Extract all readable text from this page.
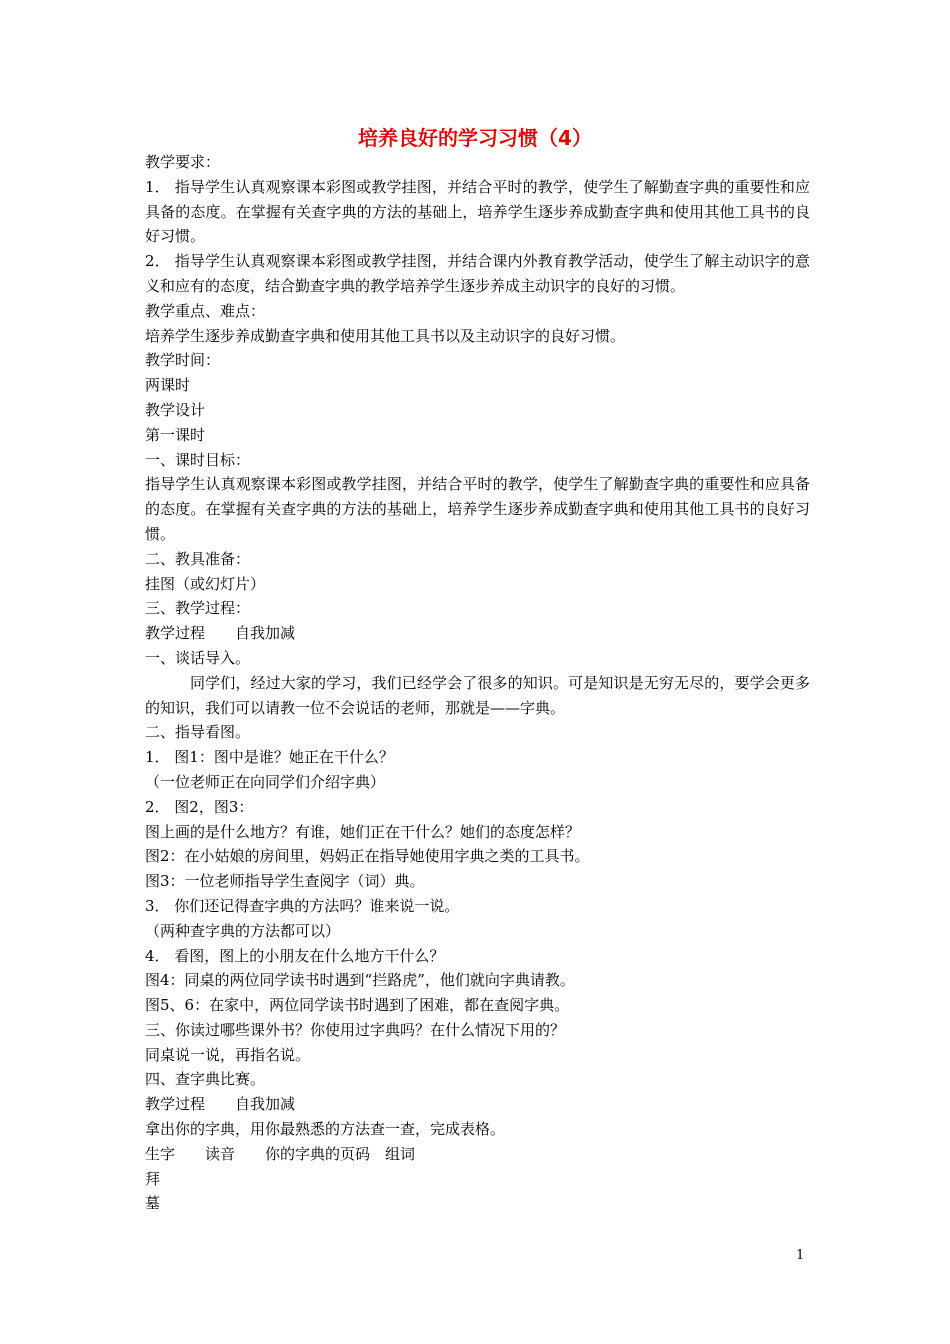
培养良好的学习习惯（4）
教学要求：
1． 指导学生认真观察课本彩图或教学挂图，并结合平时的教学，使学生了解勤查字典的重要性和应具备的态度。在掌握有关查字典的方法的基础上，培养学生逐步养成勤查字典和使用其他工具书的良好习惯。
2． 指导学生认真观察课本彩图或教学挂图，并结合课内外教育教学活动，使学生了解主动识字的意义和应有的态度，结合勤查字典的教学培养学生逐步养成主动识字的良好的习惯。
教学重点、难点：
培养学生逐步养成勤查字典和使用其他工具书以及主动识字的良好习惯。
教学时间：
两课时
教学设计
第一课时
一、课时目标：
指导学生认真观察课本彩图或教学挂图，并结合平时的教学，使学生了解勤查字典的重要性和应具备的态度。在掌握有关查字典的方法的基础上，培养学生逐步养成勤查字典和使用其他工具书的良好习惯。
二、教具准备：
挂图（或幻灯片）
三、教学过程：
教学过程　　自我加减
一、谈话导入。
同学们，经过大家的学习，我们已经学会了很多的知识。可是知识是无穷无尽的，要学会更多的知识，我们可以请教一位不会说话的老师，那就是——字典。
二、指导看图。
1． 图1：图中是谁？她正在干什么？
（一位老师正在向同学们介绍字典）
2． 图2，图3：
图上画的是什么地方？有谁，她们正在干什么？她们的态度怎样？
图2：在小姑娘的房间里，妈妈正在指导她使用字典之类的工具书。
图3：一位老师指导学生查阅字（词）典。
3． 你们还记得查字典的方法吗？谁来说一说。
（两种查字典的方法都可以）
4． 看图，图上的小朋友在什么地方干什么？
图4：同桌的两位同学读书时遇到“拦路虎”，他们就向字典请教。
图5、6：在家中，两位同学读书时遇到了困难，都在查阅字典。
三、你读过哪些课外书？你使用过字典吗？在什么情况下用的？
同桌说一说，再指名说。
四、查字典比赛。
教学过程　　自我加减
拿出你的字典，用你最熟悉的方法查一查，完成表格。
生字　　读音　　你的字典的页码　组词
拜
墓
1
